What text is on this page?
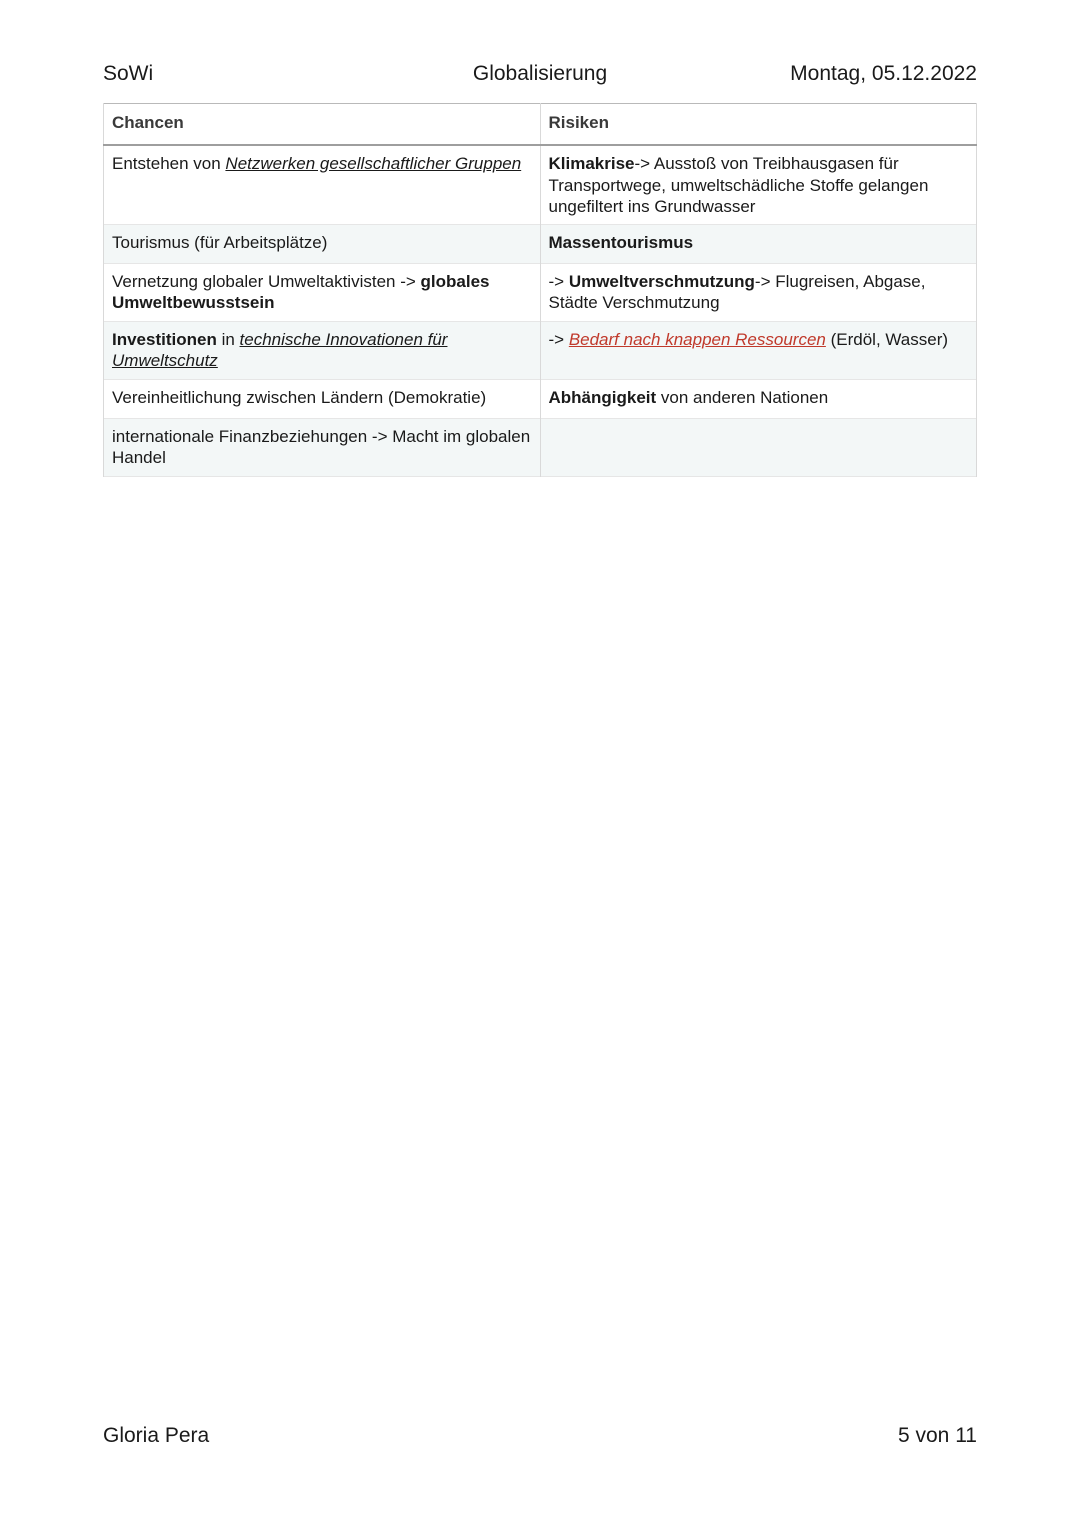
SoWi	Globalisierung	Montag, 05.12.2022
Chancen	Risiken
Entstehen von Netzwerken gesellschaftlicher Gruppen	Klimakrise-> Ausstoß von Treibhausgasen für Transportwege, umweltschädliche Stoffe gelangen ungefiltert ins Grundwasser
Tourismus (für Arbeitsplätze)	Massentourismus
Vernetzung globaler Umweltaktivisten -> globales Umweltbewusstsein	-> Umweltverschmutzung-> Flugreisen, Abgase, Städte Verschmutzung
Investitionen in technische Innovationen für Umweltschutz	-> Bedarf nach knappen Ressourcen (Erdöl, Wasser)
Vereinheitlichung zwischen Ländern (Demokratie)	Abhängigkeit von anderen Nationen
internationale Finanzbeziehungen -> Macht im globalen Handel	
Gloria Pera	5 von 11
